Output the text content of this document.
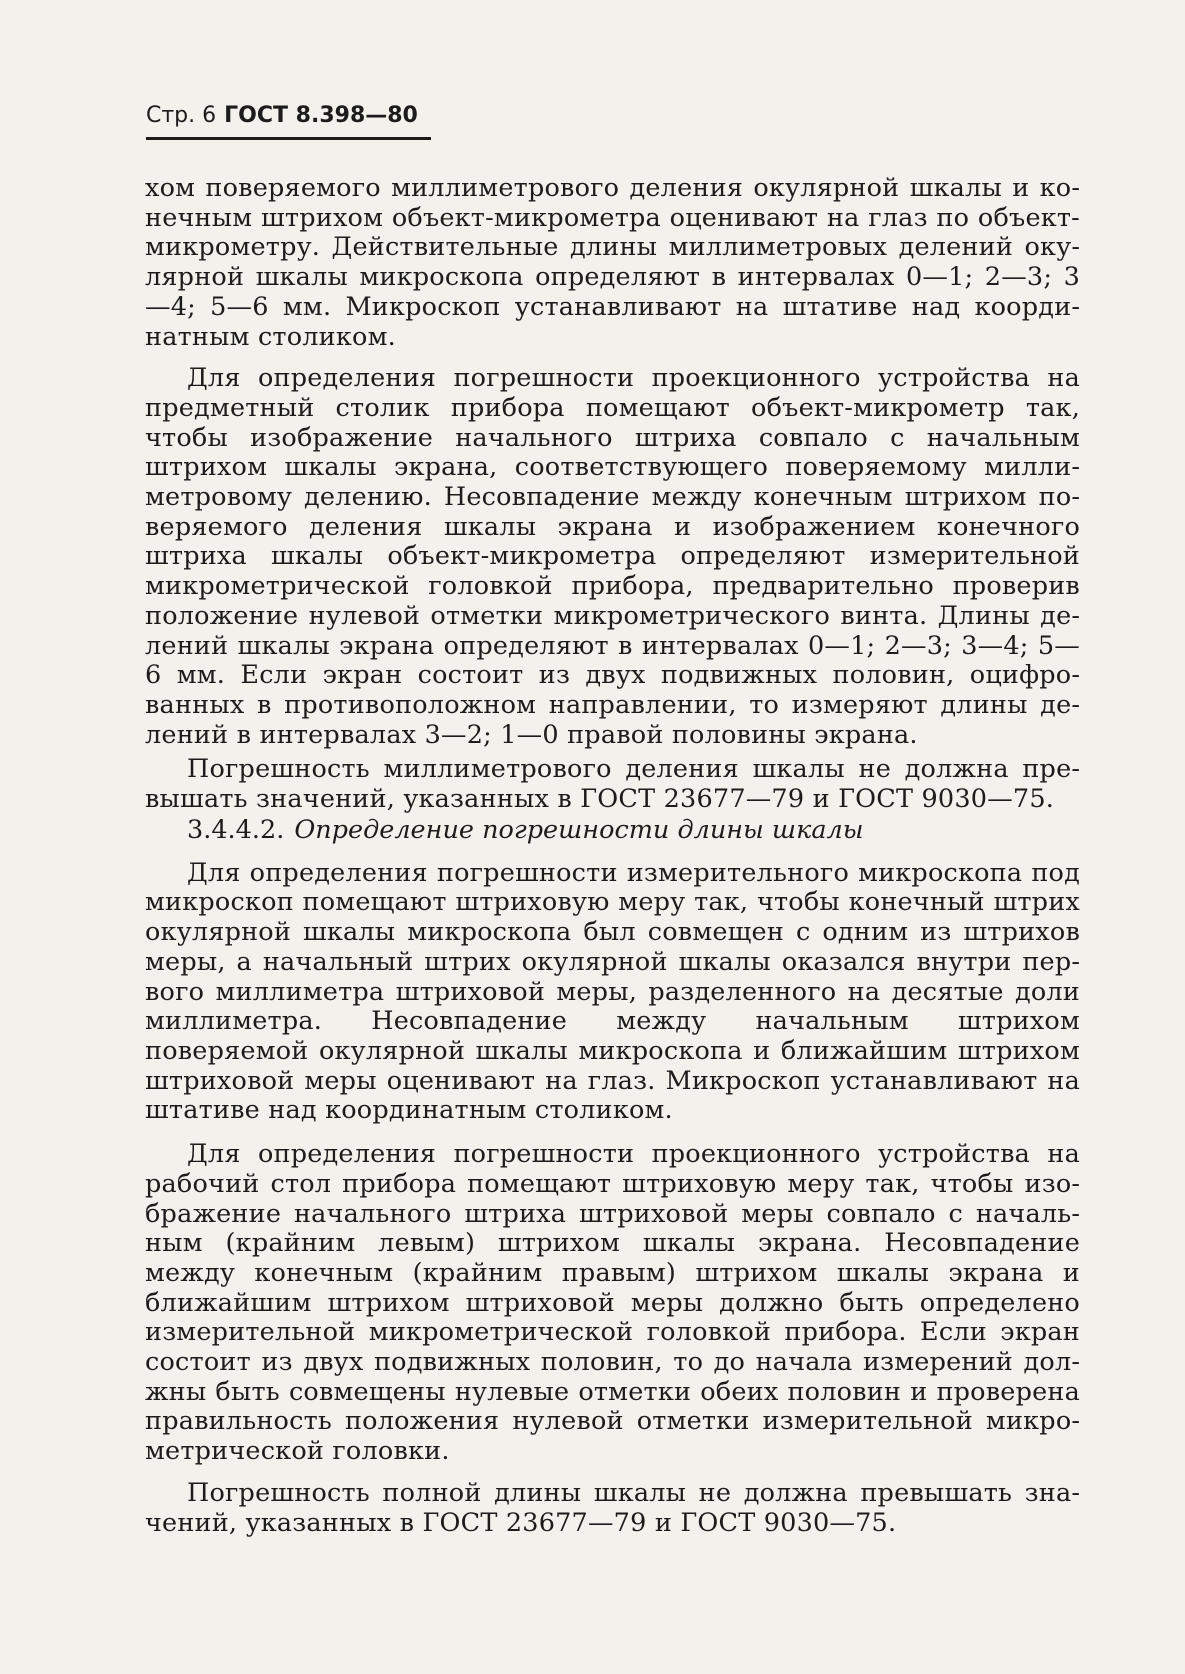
Стр. 6 ГОСТ 8.398—80

хом поверяемого миллиметрового деления окулярной шкалы и конечным штрихом объект-микрометра оценивают на глаз по объект-микрометру. Действительные длины миллиметровых делений окулярной шкалы микроскопа определяют в интервалах 0—1; 2—3; 3—4; 5—6 мм. Микроскоп устанавливают на штативе над координатным столиком.

Для определения погрешности проекционного устройства на предметный столик прибора помещают объект-микрометр так, чтобы изображение начального штриха совпало с начальным штрихом шкалы экрана, соответствующего поверяемому миллиметровому делению. Несовпадение между конечным штрихом поверяемого деления шкалы экрана и изображением конечного штриха шкалы объект-микрометра определяют измерительной микрометрической головкой прибора, предварительно проверив положение нулевой отметки микрометрического винта. Длины делений шкалы экрана определяют в интервалах 0—1; 2—3; 3—4; 5—6 мм. Если экран состоит из двух подвижных половин, оцифрованных в противоположном направлении, то измеряют длины делений в интервалах 3—2; 1—0 правой половины экрана.

Погрешность миллиметрового деления шкалы не должна превышать значений, указанных в ГОСТ 23677—79 и ГОСТ 9030—75.

3.4.4.2. Определение погрешности длины шкалы

Для определения погрешности измерительного микроскопа под микроскоп помещают штриховую меру так, чтобы конечный штрих окулярной шкалы микроскопа был совмещен с одним из штрихов меры, а начальный штрих окулярной шкалы оказался внутри первого миллиметра штриховой меры, разделенного на десятые доли миллиметра. Несовпадение между начальным штрихом поверяемой окулярной шкалы микроскопа и ближайшим штрихом штриховой меры оценивают на глаз. Микроскоп устанавливают на штативе над координатным столиком.

Для определения погрешности проекционного устройства на рабочий стол прибора помещают штриховую меру так, чтобы изображение начального штриха штриховой меры совпало с начальным (крайним левым) штрихом шкалы экрана. Несовпадение между конечным (крайним правым) штрихом шкалы экрана и ближайшим штрихом штриховой меры должно быть определено измерительной микрометрической головкой прибора. Если экран состоит из двух подвижных половин, то до начала измерений должны быть совмещены нулевые отметки обеих половин и проверена правильность положения нулевой отметки измерительной микрометрической головки.

Погрешность полной длины шкалы не должна превышать значений, указанных в ГОСТ 23677—79 и ГОСТ 9030—75.
